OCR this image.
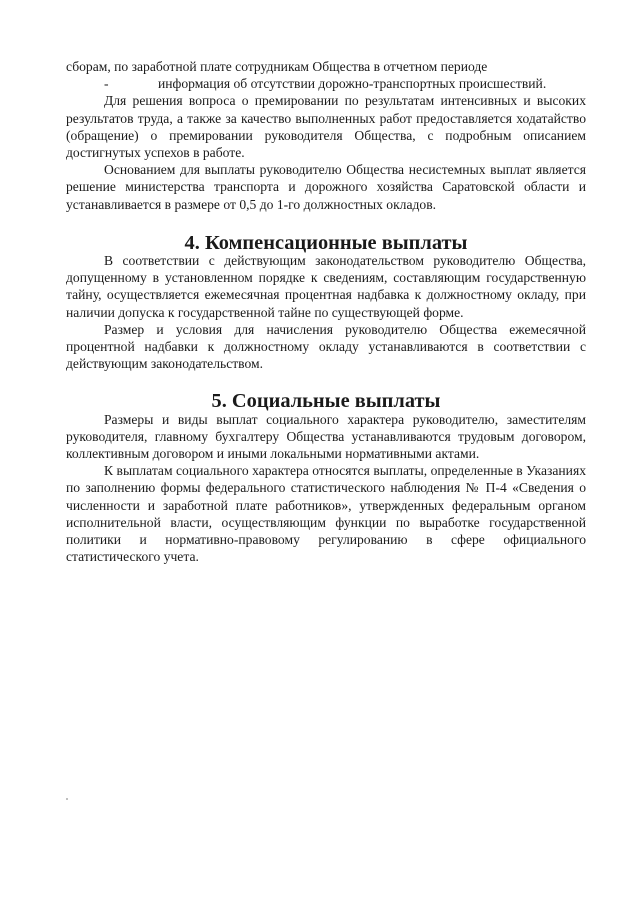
сборам, по заработной плате сотрудникам Общества в отчетном периоде

-	информация об отсутствии дорожно-транспортных происшествий.

Для решения вопроса о премировании по результатам интенсивных и высоких результатов труда, а также за качество выполненных работ предоставляется ходатайство (обращение) о премировании руководителя Общества, с подробным описанием достигнутых успехов в работе.

Основанием для выплаты руководителю Общества несистемных выплат является решение министерства транспорта и дорожного хозяйства Саратовской области и устанавливается в размере от 0,5 до 1-го должностных окладов.

4. Компенсационные выплаты

В соответствии с действующим законодательством руководителю Общества, допущенному в установленном порядке к сведениям, составляющим государственную тайну, осуществляется ежемесячная процентная надбавка к должностному окладу, при наличии допуска к государственной тайне по существующей форме.

Размер и условия для начисления руководителю Общества ежемесячной процентной надбавки к должностному окладу устанавливаются в соответствии с действующим законодательством.

5. Социальные выплаты

Размеры и виды выплат социального характера руководителю, заместителям руководителя, главному бухгалтеру Общества устанавливаются трудовым договором, коллективным договором и иными локальными нормативными актами.

К выплатам социального характера относятся выплаты, определенные в Указаниях по заполнению формы федерального статистического наблюдения № П-4 «Сведения о численности и заработной плате работников», утвержденных федеральным органом исполнительной власти, осуществляющим функции по выработке государственной политики и нормативно-правовому регулированию в сфере официального статистического учета.
